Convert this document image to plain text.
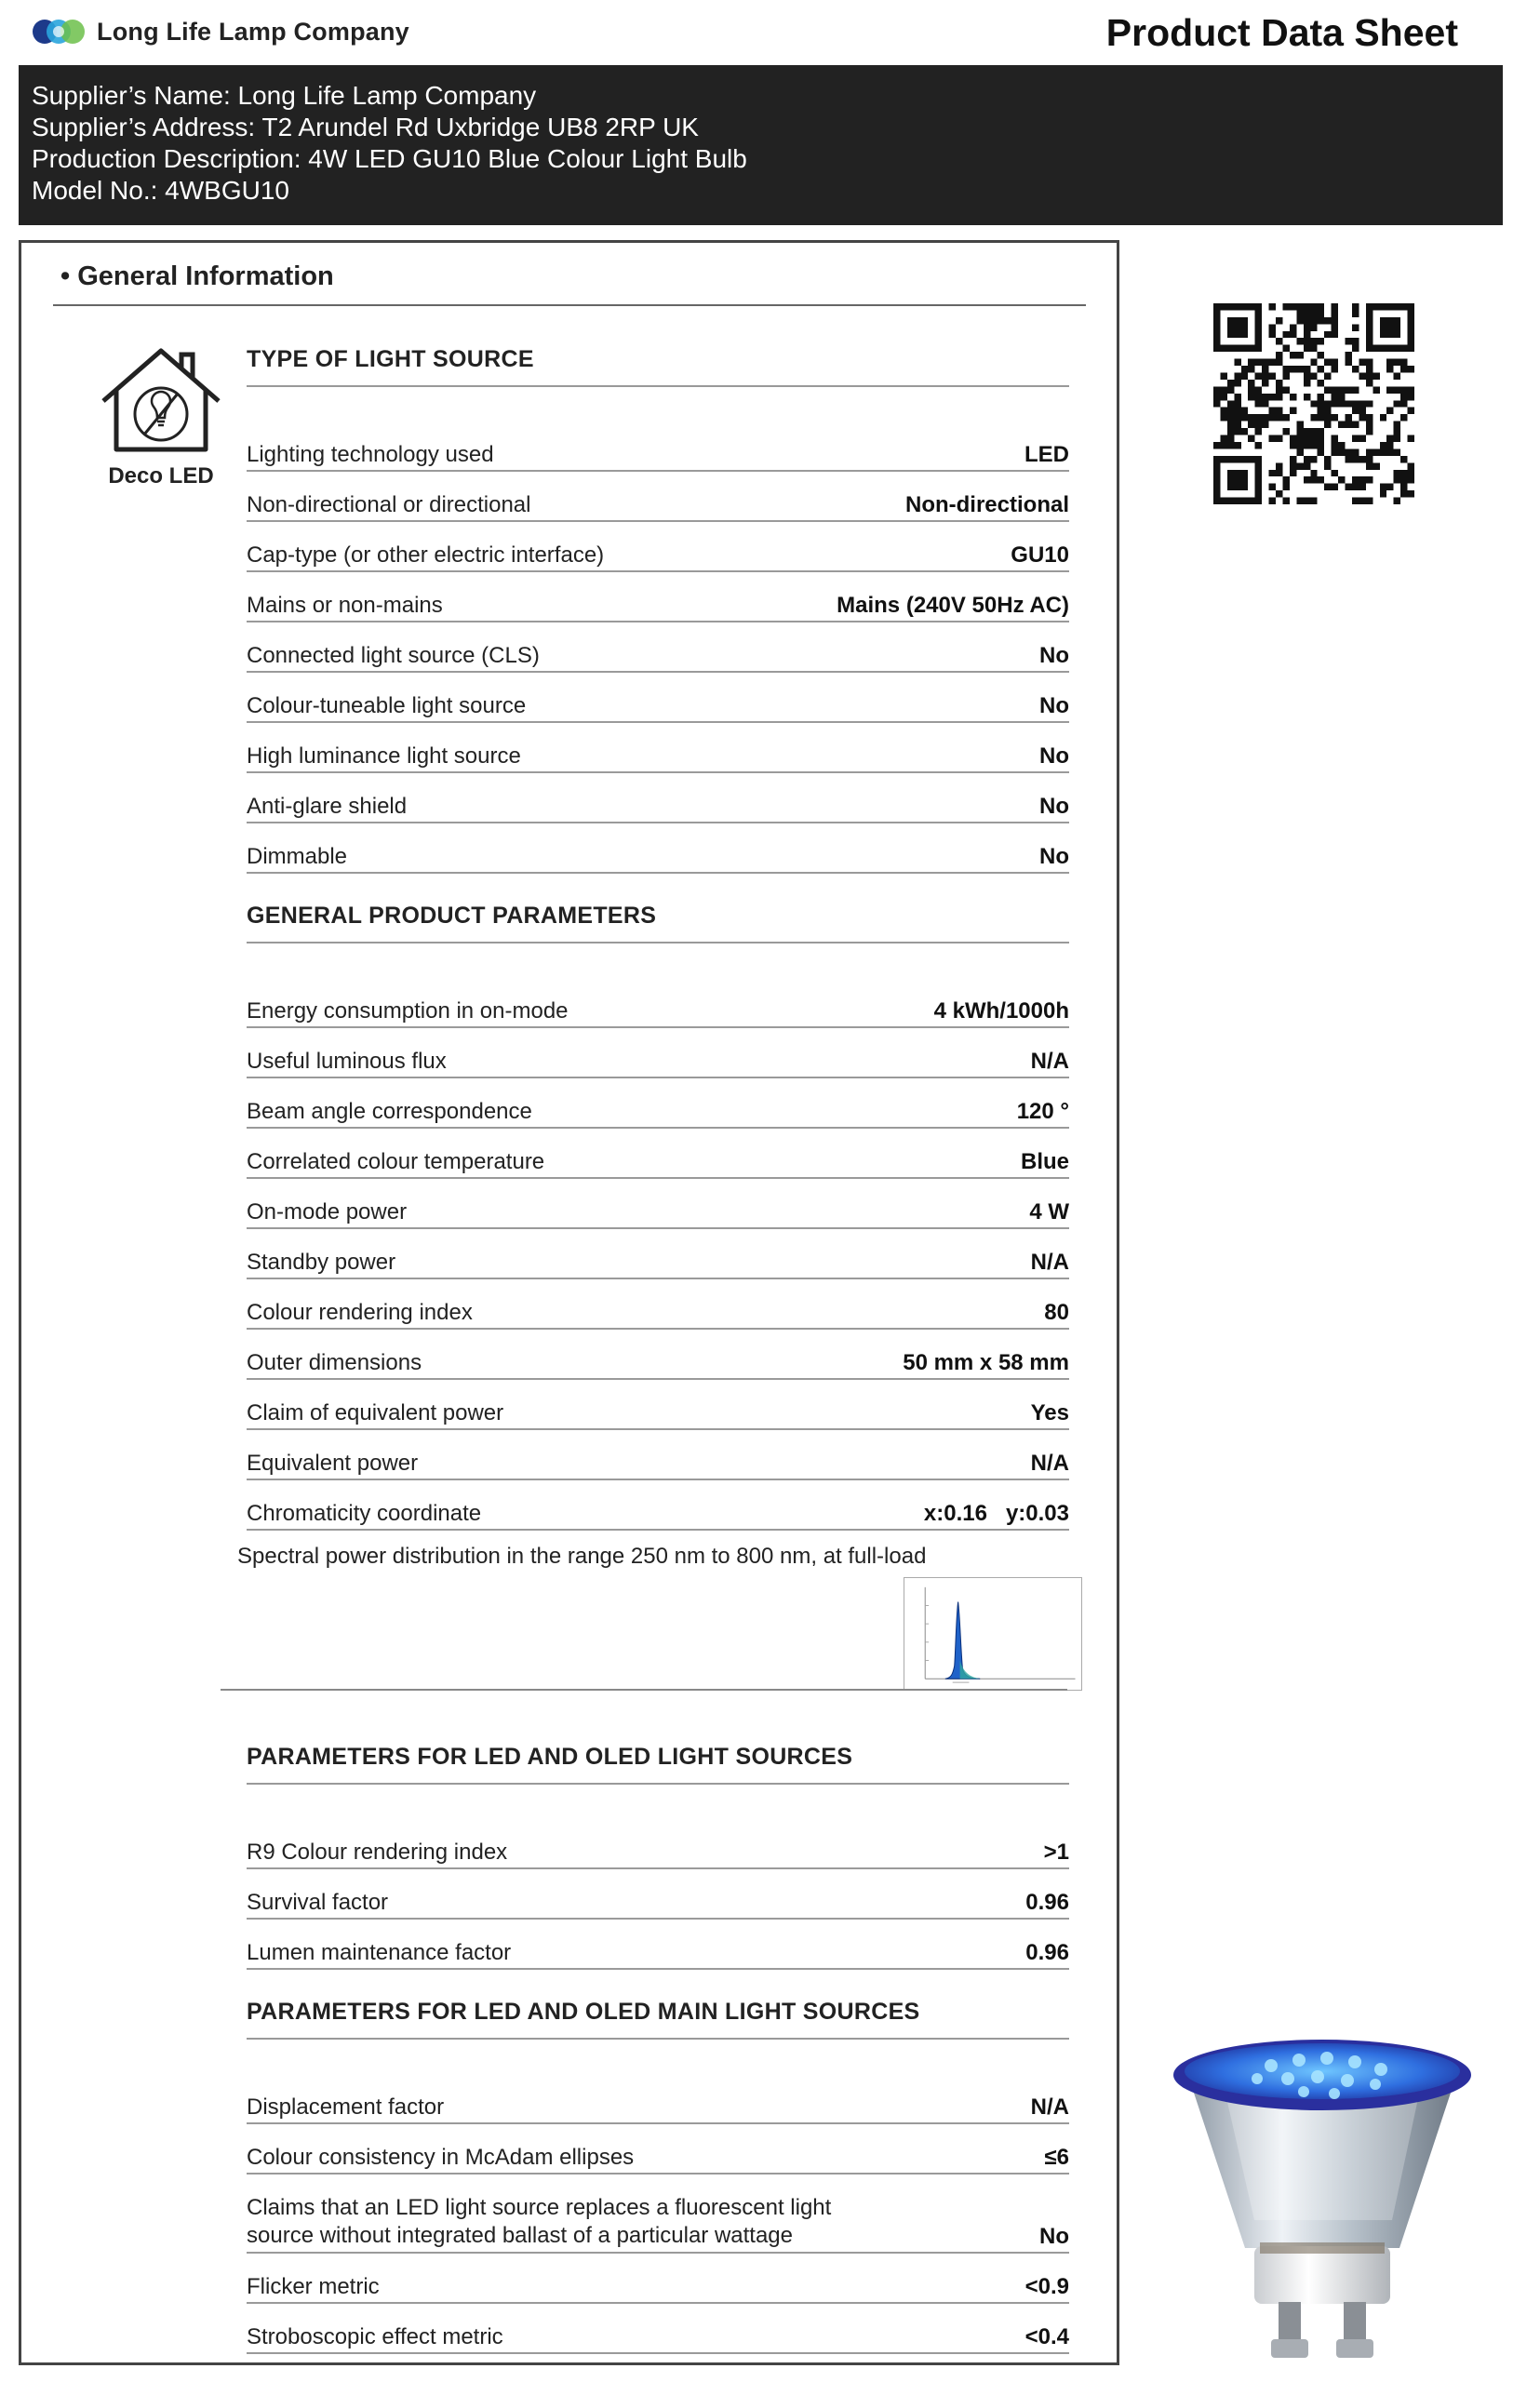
Long Life Lamp Company	Product Data Sheet
Supplier’s Name: Long Life Lamp Company
Supplier’s Address: T2 Arundel Rd Uxbridge UB8 2RP UK
Production Description: 4W LED GU10 Blue Colour Light Bulb
Model No.: 4WBGU10
• General Information
Deco LED
TYPE OF LIGHT SOURCE
Lighting technology used	LED
Non-directional or directional	Non-directional
Cap-type (or other electric interface)	GU10
Mains or non-mains	Mains (240V 50Hz AC)
Connected light source (CLS)	No
Colour-tuneable light source	No
High luminance light source	No
Anti-glare shield	No
Dimmable	No
GENERAL PRODUCT PARAMETERS
Energy consumption in on-mode	4 kWh/1000h
Useful luminous flux	N/A
Beam angle correspondence	120 °
Correlated colour temperature	Blue
On-mode power	4 W
Standby power	N/A
Colour rendering index	80
Outer dimensions	50 mm x 58 mm
Claim of equivalent power	Yes
Equivalent power	N/A
Chromaticity coordinate	x:0.16   y:0.03
Spectral power distribution in the range 250 nm to 800 nm, at full-load
PARAMETERS FOR LED AND OLED LIGHT SOURCES
R9 Colour rendering index	>1
Survival factor	0.96
Lumen maintenance factor	0.96
PARAMETERS FOR LED AND OLED MAIN LIGHT SOURCES
Displacement factor	N/A
Colour consistency in McAdam ellipses	≤6
Claims that an LED light source replaces a fluorescent light
source without integrated ballast of a particular wattage	No
Flicker metric	<0.9
Stroboscopic effect metric	<0.4
